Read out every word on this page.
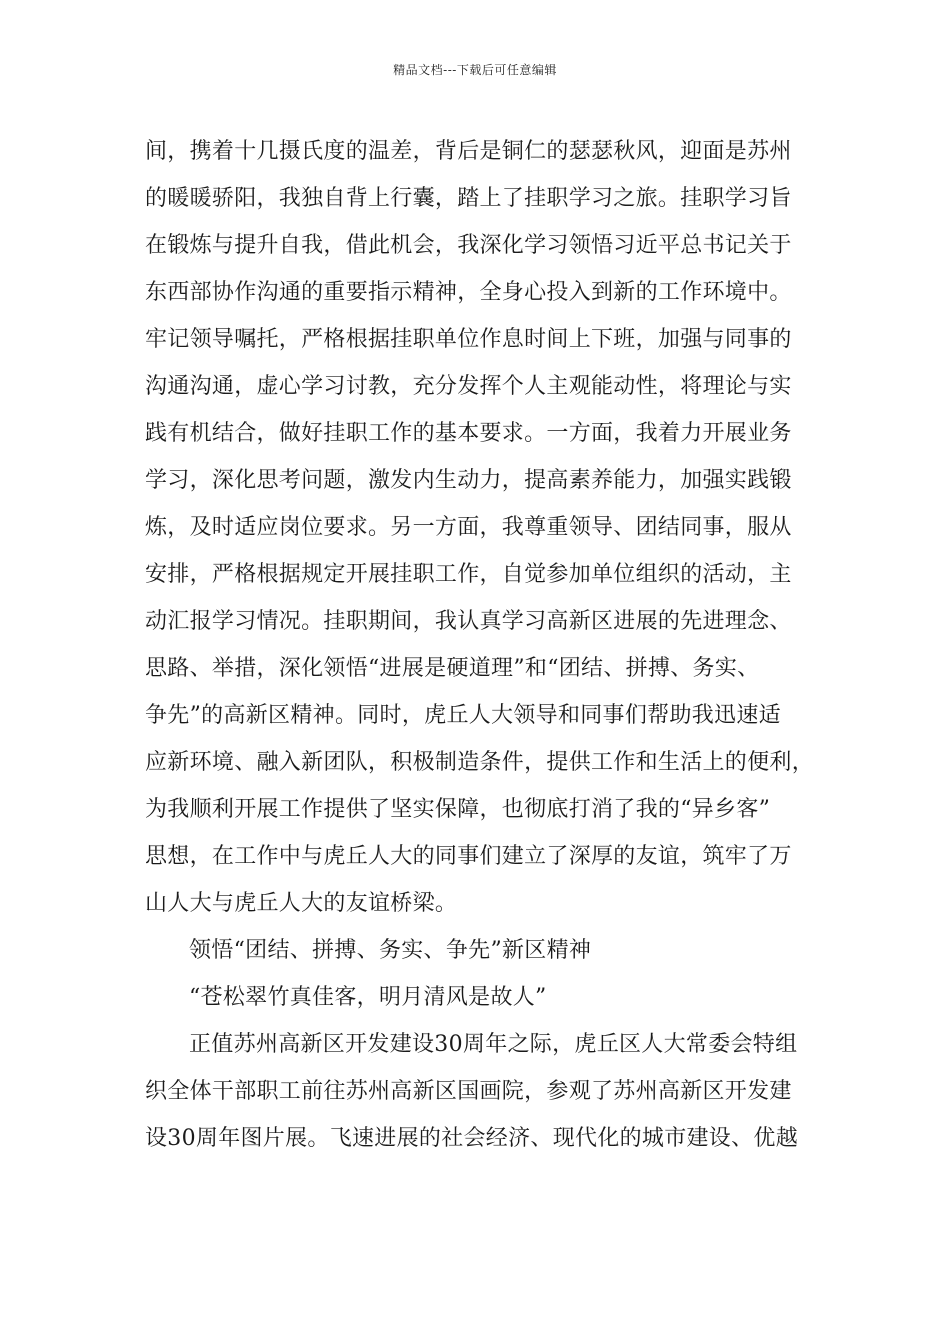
精品文档---下载后可任意编辑
间，携着十几摄氏度的温差，背后是铜仁的瑟瑟秋风，迎面是苏州
的暖暖骄阳，我独自背上行囊，踏上了挂职学习之旅。挂职学习旨
在锻炼与提升自我，借此机会，我深化学习领悟习近平总书记关于
东西部协作沟通的重要指示精神，全身心投入到新的工作环境中。
牢记领导嘱托，严格根据挂职单位作息时间上下班，加强与同事的
沟通沟通，虚心学习讨教，充分发挥个人主观能动性，将理论与实
践有机结合，做好挂职工作的基本要求。一方面，我着力开展业务
学习，深化思考问题，激发内生动力，提高素养能力，加强实践锻
炼，及时适应岗位要求。另一方面，我尊重领导、团结同事，服从
安排，严格根据规定开展挂职工作，自觉参加单位组织的活动，主
动汇报学习情况。挂职期间，我认真学习高新区进展的先进理念、
思路、举措，深化领悟“进展是硬道理”和“团结、拼搏、务实、
争先”的高新区精神。同时，虎丘人大领导和同事们帮助我迅速适
应新环境、融入新团队，积极制造条件，提供工作和生活上的便利，
为我顺利开展工作提供了坚实保障，也彻底打消了我的“异乡客”
思想，在工作中与虎丘人大的同事们建立了深厚的友谊，筑牢了万
山人大与虎丘人大的友谊桥梁。
领悟“团结、拼搏、务实、争先”新区精神
“苍松翠竹真佳客，明月清风是故人”
正值苏州高新区开发建设30周年之际，虎丘区人大常委会特组
织全体干部职工前往苏州高新区国画院，参观了苏州高新区开发建
设30周年图片展。飞速进展的社会经济、现代化的城市建设、优越
